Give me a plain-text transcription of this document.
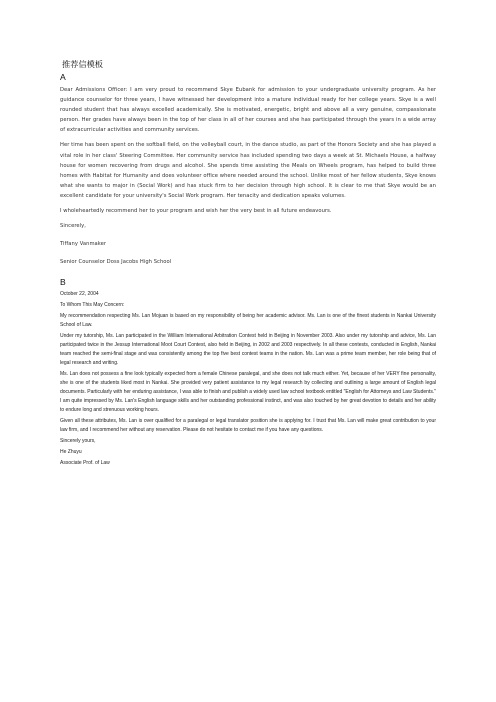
推荐信模板
A

Dear Admissions Officer: I am very proud to recommend Skye Eubank for admission to your undergraduate university program. As her guidance counselor for three years, I have witnessed her development into a mature individual ready for her college years. Skye is a well rounded student that has always excelled academically. She is motivated, energetic, bright and above all a very genuine, compassionate person. Her grades have always been in the top of her class in all of her courses and she has participated through the years in a wide array of extracurricular activities and community services.

Her time has been spent on the softball field, on the volleyball court, in the dance studio, as part of the Honors Society and she has played a vital role in her class' Steering Committee. Her community service has included spending two days a week at St. Michaels House, a halfway house for women recovering from drugs and alcohol. She spends time assisting the Meals on Wheels program, has helped to build three homes with Habitat for Humanity and does volunteer office where needed around the school. Unlike most of her fellow students, Skye knows what she wants to major in (Social Work) and has stuck firm to her decision through high school. It is clear to me that Skye would be an excellent candidate for your university's Social Work program. Her tenacity and dedication speaks volumes.

I wholeheartedly recommend her to your program and wish her the very best in all future endeavours.

Sincerely,

Tiffany Vanmaker

Senior Counselor Doss Jacobs High School

B

October 22, 2004

To Whom This May Concern:

My recommendation respecting Ms. Lan Mojuan is based on my responsibility of being her academic advisor. Ms. Lan is one of the finest students in Nankai University School of Law.

Under my tutorship, Ms. Lan participated in the William International Arbitration Contest held in Beijing in November 2003. Also under my tutorship and advice, Ms. Lan participated twice in the Jessup International Moot Court Contest, also held in Beijing, in 2002 and 2003 respectively. In all these contests, conducted in English, Nankai team reached the semi-final stage and was consistently among the top five best contest teams in the nation. Ms. Lan was a prime team member, her role being that of legal research and writing.

Ms. Lan does not possess a fine look typically expected from a female Chinese paralegal, and she does not talk much either. Yet, because of her VERY fine personality, she is one of the students liked most in Nankai. She provided very patient assistance to my legal research by collecting and outlining a large amount of English legal documents. Particularly with her enduring assistance, I was able to finish and publish a widely used law school textbook entitled "English for Attorneys and Law Students." I am quite impressed by Ms. Lan's English language skills and her outstanding professional instinct, and was also touched by her great devotion to details and her ability to endure long and strenuous working hours.

Given all these attributes, Ms. Lan is over qualified for a paralegal or legal translator position she is applying for. I trust that Ms. Lan will make great contribution to your law firm, and I recommend her without any reservation. Please do not hesitate to contact me if you have any questions.

Sincerely yours,

He Zhuyu

Associate Prof. of Law
